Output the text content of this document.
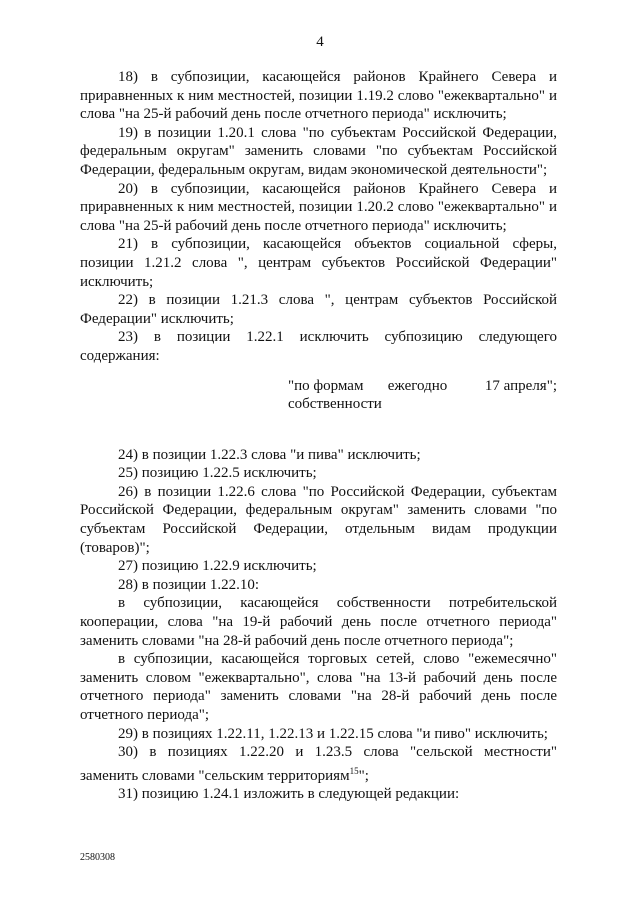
4

18) в субпозиции, касающейся районов Крайнего Севера и приравненных к ним местностей, позиции 1.19.2 слово "ежеквартально" и слова "на 25-й рабочий день после отчетного периода" исключить;

19) в позиции 1.20.1 слова "по субъектам Российской Федерации, федеральным округам" заменить словами "по субъектам Российской Федерации, федеральным округам, видам экономической деятельности";

20) в субпозиции, касающейся районов Крайнего Севера и приравненных к ним местностей, позиции 1.20.2 слово "ежеквартально" и слова "на 25-й рабочий день после отчетного периода" исключить;

21) в субпозиции, касающейся объектов социальной сферы, позиции 1.21.2 слова ", центрам субъектов Российской Федерации" исключить;

22) в позиции 1.21.3 слова ", центрам субъектов Российской Федерации" исключить;

23) в позиции 1.22.1 исключить субпозицию следующего содержания:

"по формам	ежегодно	17 апреля";
собственности

24) в позиции 1.22.3 слова "и пива" исключить;

25) позицию 1.22.5 исключить;

26) в позиции 1.22.6 слова "по Российской Федерации, субъектам Российской Федерации, федеральным округам" заменить словами "по субъектам Российской Федерации, отдельным видам продукции (товаров)";

27) позицию 1.22.9 исключить;

28) в позиции 1.22.10:

в субпозиции, касающейся собственности потребительской кооперации, слова "на 19-й рабочий день после отчетного периода" заменить словами "на 28-й рабочий день после отчетного периода";

в субпозиции, касающейся торговых сетей, слово "ежемесячно" заменить словом "ежеквартально", слова "на 13-й рабочий день после отчетного периода" заменить словами "на 28-й рабочий день после отчетного периода";

29) в позициях 1.22.11, 1.22.13 и 1.22.15 слова "и пиво" исключить;

30) в позициях 1.22.20 и 1.23.5 слова "сельской местности" заменить словами "сельским территориям$^{15}$";

31) позицию 1.24.1 изложить в следующей редакции:

2580308
